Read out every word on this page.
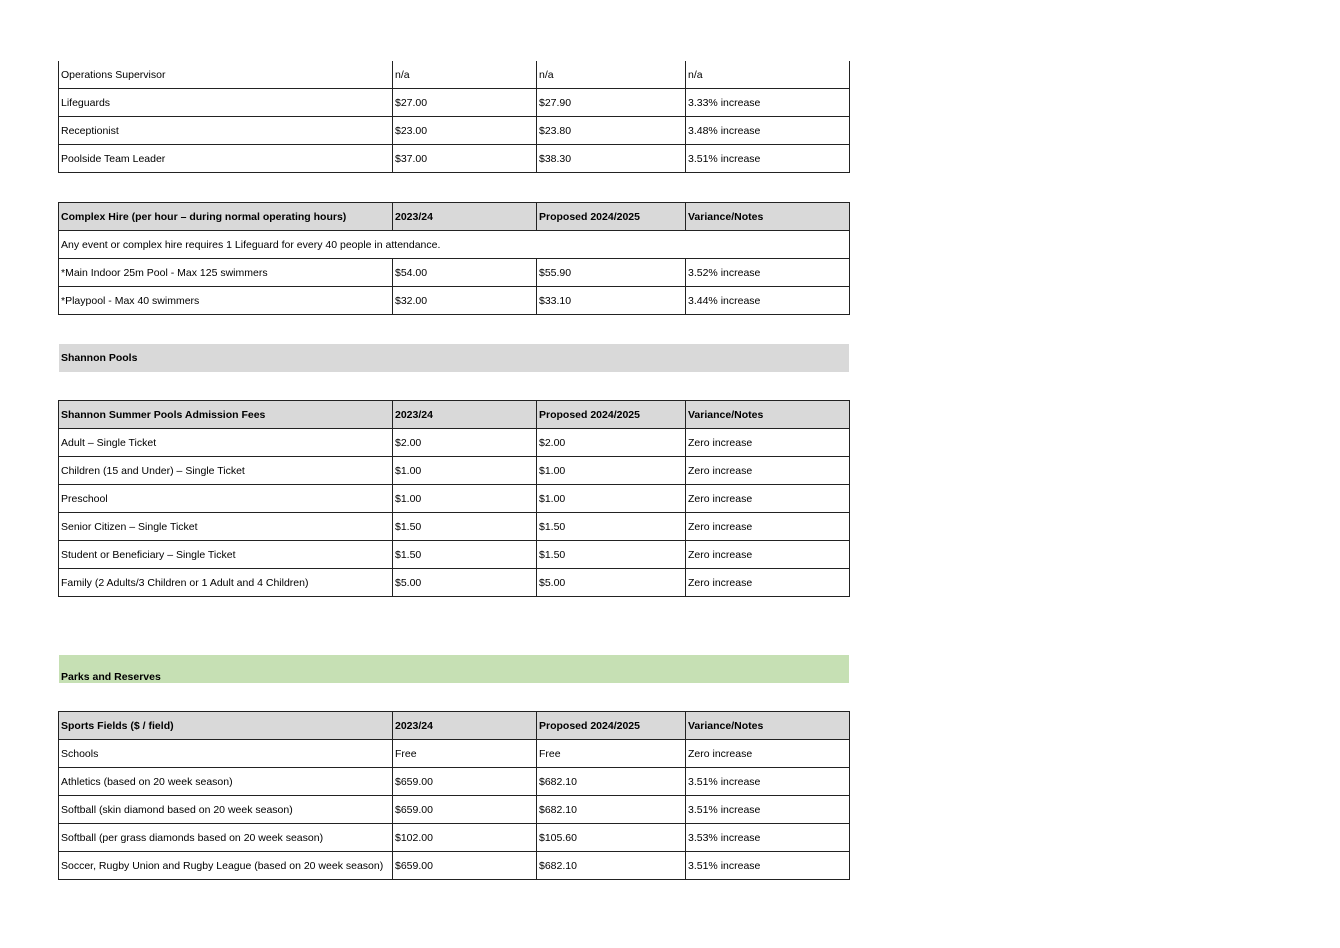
Operations Supervisor	n/a	n/a	n/a
Lifeguards	$27.00	$27.90	3.33% increase
Receptionist	$23.00	$23.80	3.48% increase
Poolside Team Leader	$37.00	$38.30	3.51% increase
Complex Hire (per hour – during normal operating hours)	2023/24	Proposed 2024/2025	Variance/Notes
Any event or complex hire requires 1 Lifeguard for every 40 people in attendance.			
*Main Indoor 25m Pool - Max 125 swimmers	$54.00	$55.90	3.52% increase
*Playpool - Max 40 swimmers	$32.00	$33.10	3.44% increase
Shannon Pools
Shannon Summer Pools Admission Fees	2023/24	Proposed 2024/2025	Variance/Notes
Adult – Single Ticket	$2.00	$2.00	Zero increase
Children (15 and Under) – Single Ticket	$1.00	$1.00	Zero increase
Preschool	$1.00	$1.00	Zero increase
Senior Citizen – Single Ticket	$1.50	$1.50	Zero increase
Student or Beneficiary – Single Ticket	$1.50	$1.50	Zero increase
Family (2 Adults/3 Children or 1 Adult and 4 Children)	$5.00	$5.00	Zero increase
Parks and Reserves
Sports Fields ($ / field)	2023/24	Proposed 2024/2025	Variance/Notes
Schools	Free	Free	Zero increase
Athletics (based on 20 week season)	$659.00	$682.10	3.51% increase
Softball (skin diamond based on 20 week season)	$659.00	$682.10	3.51% increase
Softball (per grass diamonds based on 20 week season)	$102.00	$105.60	3.53% increase
Soccer, Rugby Union and Rugby League (based on 20 week season)	$659.00	$682.10	3.51% increase
